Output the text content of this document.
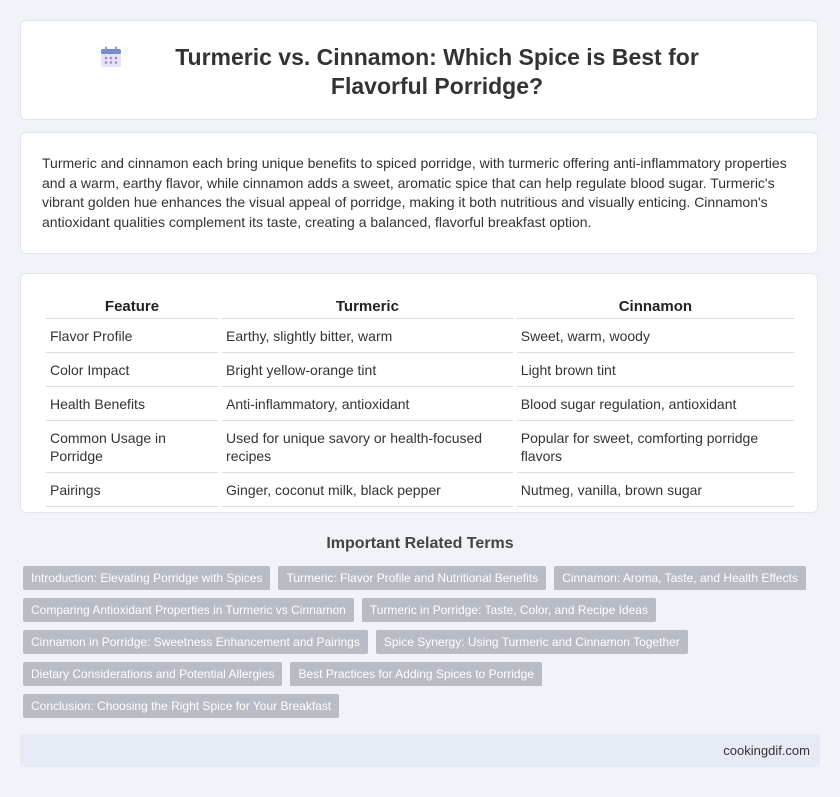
Turmeric vs. Cinnamon: Which Spice is Best for Flavorful Porridge?

Turmeric and cinnamon each bring unique benefits to spiced porridge, with turmeric offering anti-inflammatory properties and a warm, earthy flavor, while cinnamon adds a sweet, aromatic spice that can help regulate blood sugar. Turmeric's vibrant golden hue enhances the visual appeal of porridge, making it both nutritious and visually enticing. Cinnamon's antioxidant qualities complement its taste, creating a balanced, flavorful breakfast option.

Feature	Turmeric	Cinnamon
Flavor Profile	Earthy, slightly bitter, warm	Sweet, warm, woody
Color Impact	Bright yellow-orange tint	Light brown tint
Health Benefits	Anti-inflammatory, antioxidant	Blood sugar regulation, antioxidant
Common Usage in Porridge	Used for unique savory or health-focused recipes	Popular for sweet, comforting porridge flavors
Pairings	Ginger, coconut milk, black pepper	Nutmeg, vanilla, brown sugar
Important Related Terms
Introduction: Elevating Porridge with Spices	Turmeric: Flavor Profile and Nutritional Benefits	Cinnamon: Aroma, Taste, and Health Effects
Comparing Antioxidant Properties in Turmeric vs Cinnamon	Turmeric in Porridge: Taste, Color, and Recipe Ideas
Cinnamon in Porridge: Sweetness Enhancement and Pairings	Spice Synergy: Using Turmeric and Cinnamon Together
Dietary Considerations and Potential Allergies	Best Practices for Adding Spices to Porridge
Conclusion: Choosing the Right Spice for Your Breakfast
cookingdif.com
